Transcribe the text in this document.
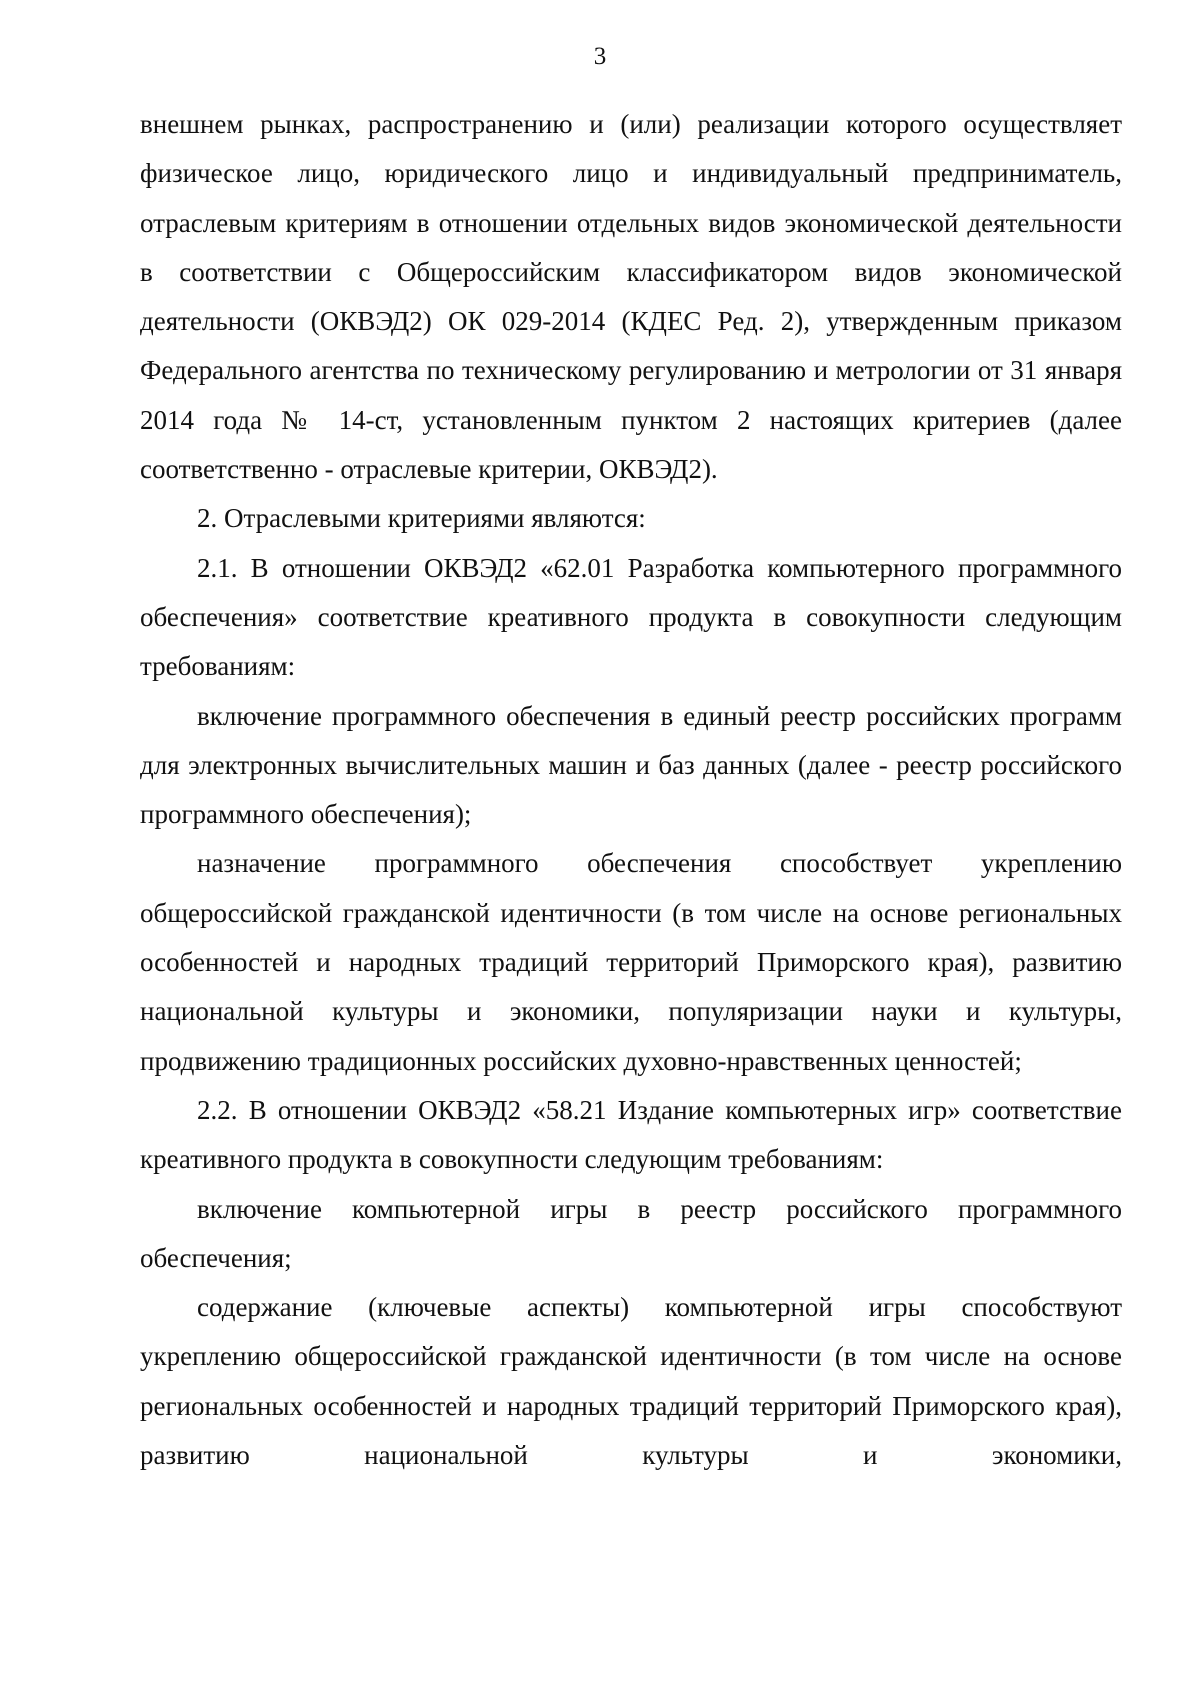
3

внешнем рынках, распространению и (или) реализации которого осуществляет физическое лицо, юридического лицо и индивидуальный предприниматель, отраслевым критериям в отношении отдельных видов экономической деятельности в соответствии с Общероссийским классификатором видов экономической деятельности (ОКВЭД2) ОК 029-2014 (КДЕС Ред. 2), утвержденным приказом Федерального агентства по техническому регулированию и метрологии от 31 января 2014 года № 14-ст, установленным пунктом 2 настоящих критериев (далее соответственно - отраслевые критерии, ОКВЭД2).

2. Отраслевыми критериями являются:

2.1. В отношении ОКВЭД2 «62.01 Разработка компьютерного программного обеспечения» соответствие креативного продукта в совокупности следующим требованиям:

включение программного обеспечения в единый реестр российских программ для электронных вычислительных машин и баз данных (далее - реестр российского программного обеспечения);

назначение программного обеспечения способствует укреплению общероссийской гражданской идентичности (в том числе на основе региональных особенностей и народных традиций территорий Приморского края), развитию национальной культуры и экономики, популяризации науки и культуры, продвижению традиционных российских духовно-нравственных ценностей;

2.2. В отношении ОКВЭД2 «58.21 Издание компьютерных игр» соответствие креативного продукта в совокупности следующим требованиям:

включение компьютерной игры в реестр российского программного обеспечения;

содержание (ключевые аспекты) компьютерной игры способствуют укреплению общероссийской гражданской идентичности (в том числе на основе региональных особенностей и народных традиций территорий Приморского края), развитию национальной культуры и экономики,
